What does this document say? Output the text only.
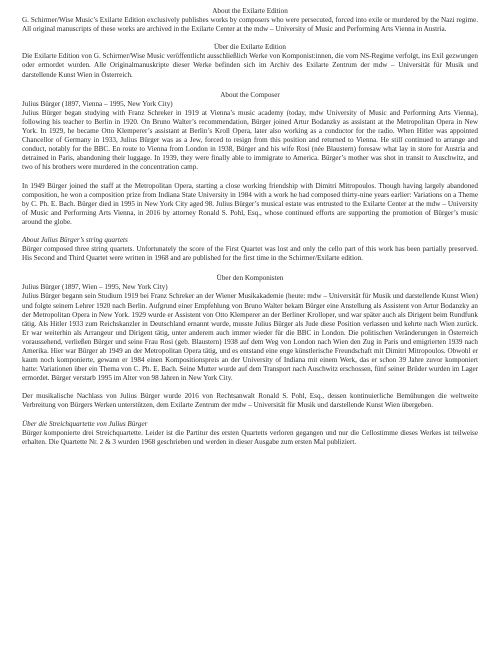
About the Exilarte Edition

G. Schirmer/Wise Music’s Exilarte Edition exclusively publishes works by composers who were persecuted, forced into exile or murdered by the Nazi regime. All original manuscripts of these works are archived in the Exilarte Center at the mdw – University of Music and Performing Arts Vienna in Austria.

Über die Exilarte Edition

Die Exilarte Edition von G. Schirmer/Wise Music veröffentlicht ausschließlich Werke von Komponist:innen, die vom NS-Regime verfolgt, ins Exil gezwungen oder ermordet wurden. Alle Originalmanuskripte dieser Werke befinden sich im Archiv des Exilarte Zentrum der mdw – Universität für Musik und darstellende Kunst Wien in Österreich.

About the Composer

Julius Bürger (1897, Vienna – 1995, New York City)

Julius Bürger began studying with Franz Schreker in 1919 at Vienna’s music academy (today, mdw University of Music and Performing Arts Vienna), following his teacher to Berlin in 1920. On Bruno Walter’s recommendation, Bürger joined Artur Bodanzky as assistant at the Metropolitan Opera in New York. In 1929, he became Otto Klemperer’s assistant at Berlin’s Kroll Opera, later also working as a conductor for the radio. When Hitler was appointed Chancellor of Germany in 1933, Julius Bürger was as a Jew, forced to resign from this position and returned to Vienna. He still continued to arrange and conduct, notably for the BBC. En route to Vienna from London in 1938, Bürger and his wife Rosi (née Blaustern) foresaw what lay in store for Austria and detrained in Paris, abandoning their luggage. In 1939, they were finally able to immigrate to America. Bürger’s mother was shot in transit to Auschwitz, and two of his brothers were murdered in the concentration camp.

In 1949 Bürger joined the staff at the Metropolitan Opera, starting a close working friendship with Dimitri Mitropoulos. Though having largely abandoned composition, he won a composition prize from Indiana State University in 1984 with a work he had composed thirty-nine years earlier: Variations on a Theme by C. Ph. E. Bach. Bürger died in 1995 in New York City aged 98. Julius Bürger’s musical estate was entrusted to the Exilarte Center at the mdw – University of Music and Performing Arts Vienna, in 2016 by attorney Ronald S. Pohl, Esq., whose continued efforts are supporting the promotion of Bürger’s music around the globe.

About Julius Bürger’s string quartets

Bürger composed three string quartets. Unfortunately the score of the First Quartet was lost and only the cello part of this work has been partially preserved. His Second and Third Quartet were written in 1968 and are published for the first time in the Schirmer/Exilarte edition.

Über den Komponisten

Julius Bürger (1897, Wien – 1995, New York City)

Julius Bürger begann sein Studium 1919 bei Franz Schreker an der Wiener Musikakademie (heute: mdw – Universität für Musik und darstellende Kunst Wien) und folgte seinem Lehrer 1920 nach Berlin. Aufgrund einer Empfehlung von Bruno Walter bekam Bürger eine Anstellung als Assistent von Artur Bodanzky an der Metropolitan Opera in New York. 1929 wurde er Assistent von Otto Klemperer an der Berliner Krolloper, und war später auch als Dirigent beim Rundfunk tätig. Als Hitler 1933 zum Reichskanzler in Deutschland ernannt wurde, musste Julius Bürger als Jude diese Position verlassen und kehrte nach Wien zurück. Er war weiterhin als Arrangeur und Dirigent tätig, unter anderem auch immer wieder für die BBC in London. Die politischen Veränderungen in Österreich voraussehend, verließen Bürger und seine Frau Rosi (geb. Blaustern) 1938 auf dem Weg von London nach Wien den Zug in Paris und emigrierten 1939 nach Amerika. Hier war Bürger ab 1949 an der Metropolitan Opera tätig, und es entstand eine enge künstlerische Freundschaft mit Dimitri Mitropoulos. Obwohl er kaum noch komponierte, gewann er 1984 einen Kompositionspreis an der University of Indiana mit einem Werk, das er schon 39 Jahre zuvor komponiert hatte: Variationen über ein Thema von C. Ph. E. Bach. Seine Mutter wurde auf dem Transport nach Auschwitz erschossen, fünf seiner Brüder wurden im Lager ermordet. Bürger verstarb 1995 im Alter von 98 Jahren in New York City.

Der musikalische Nachlass von Julius Bürger wurde 2016 von Rechtsanwalt Ronald S. Pohl, Esq., dessen kontinuierliche Bemühungen die weltweite Verbreitung von Bürgers Werken unterstützen, dem Exilarte Zentrum der mdw – Universität für Musik und darstellende Kunst Wien übergeben.

Über die Streichquartette von Julius Bürger

Bürger komponierte drei Streichquartette. Leider ist die Partitur des ersten Quartetts verloren gegangen und nur die Cellostimme dieses Werkes ist teilweise erhalten. Die Quartette Nr. 2 & 3 wurden 1968 geschrieben und werden in dieser Ausgabe zum ersten Mal publiziert.
